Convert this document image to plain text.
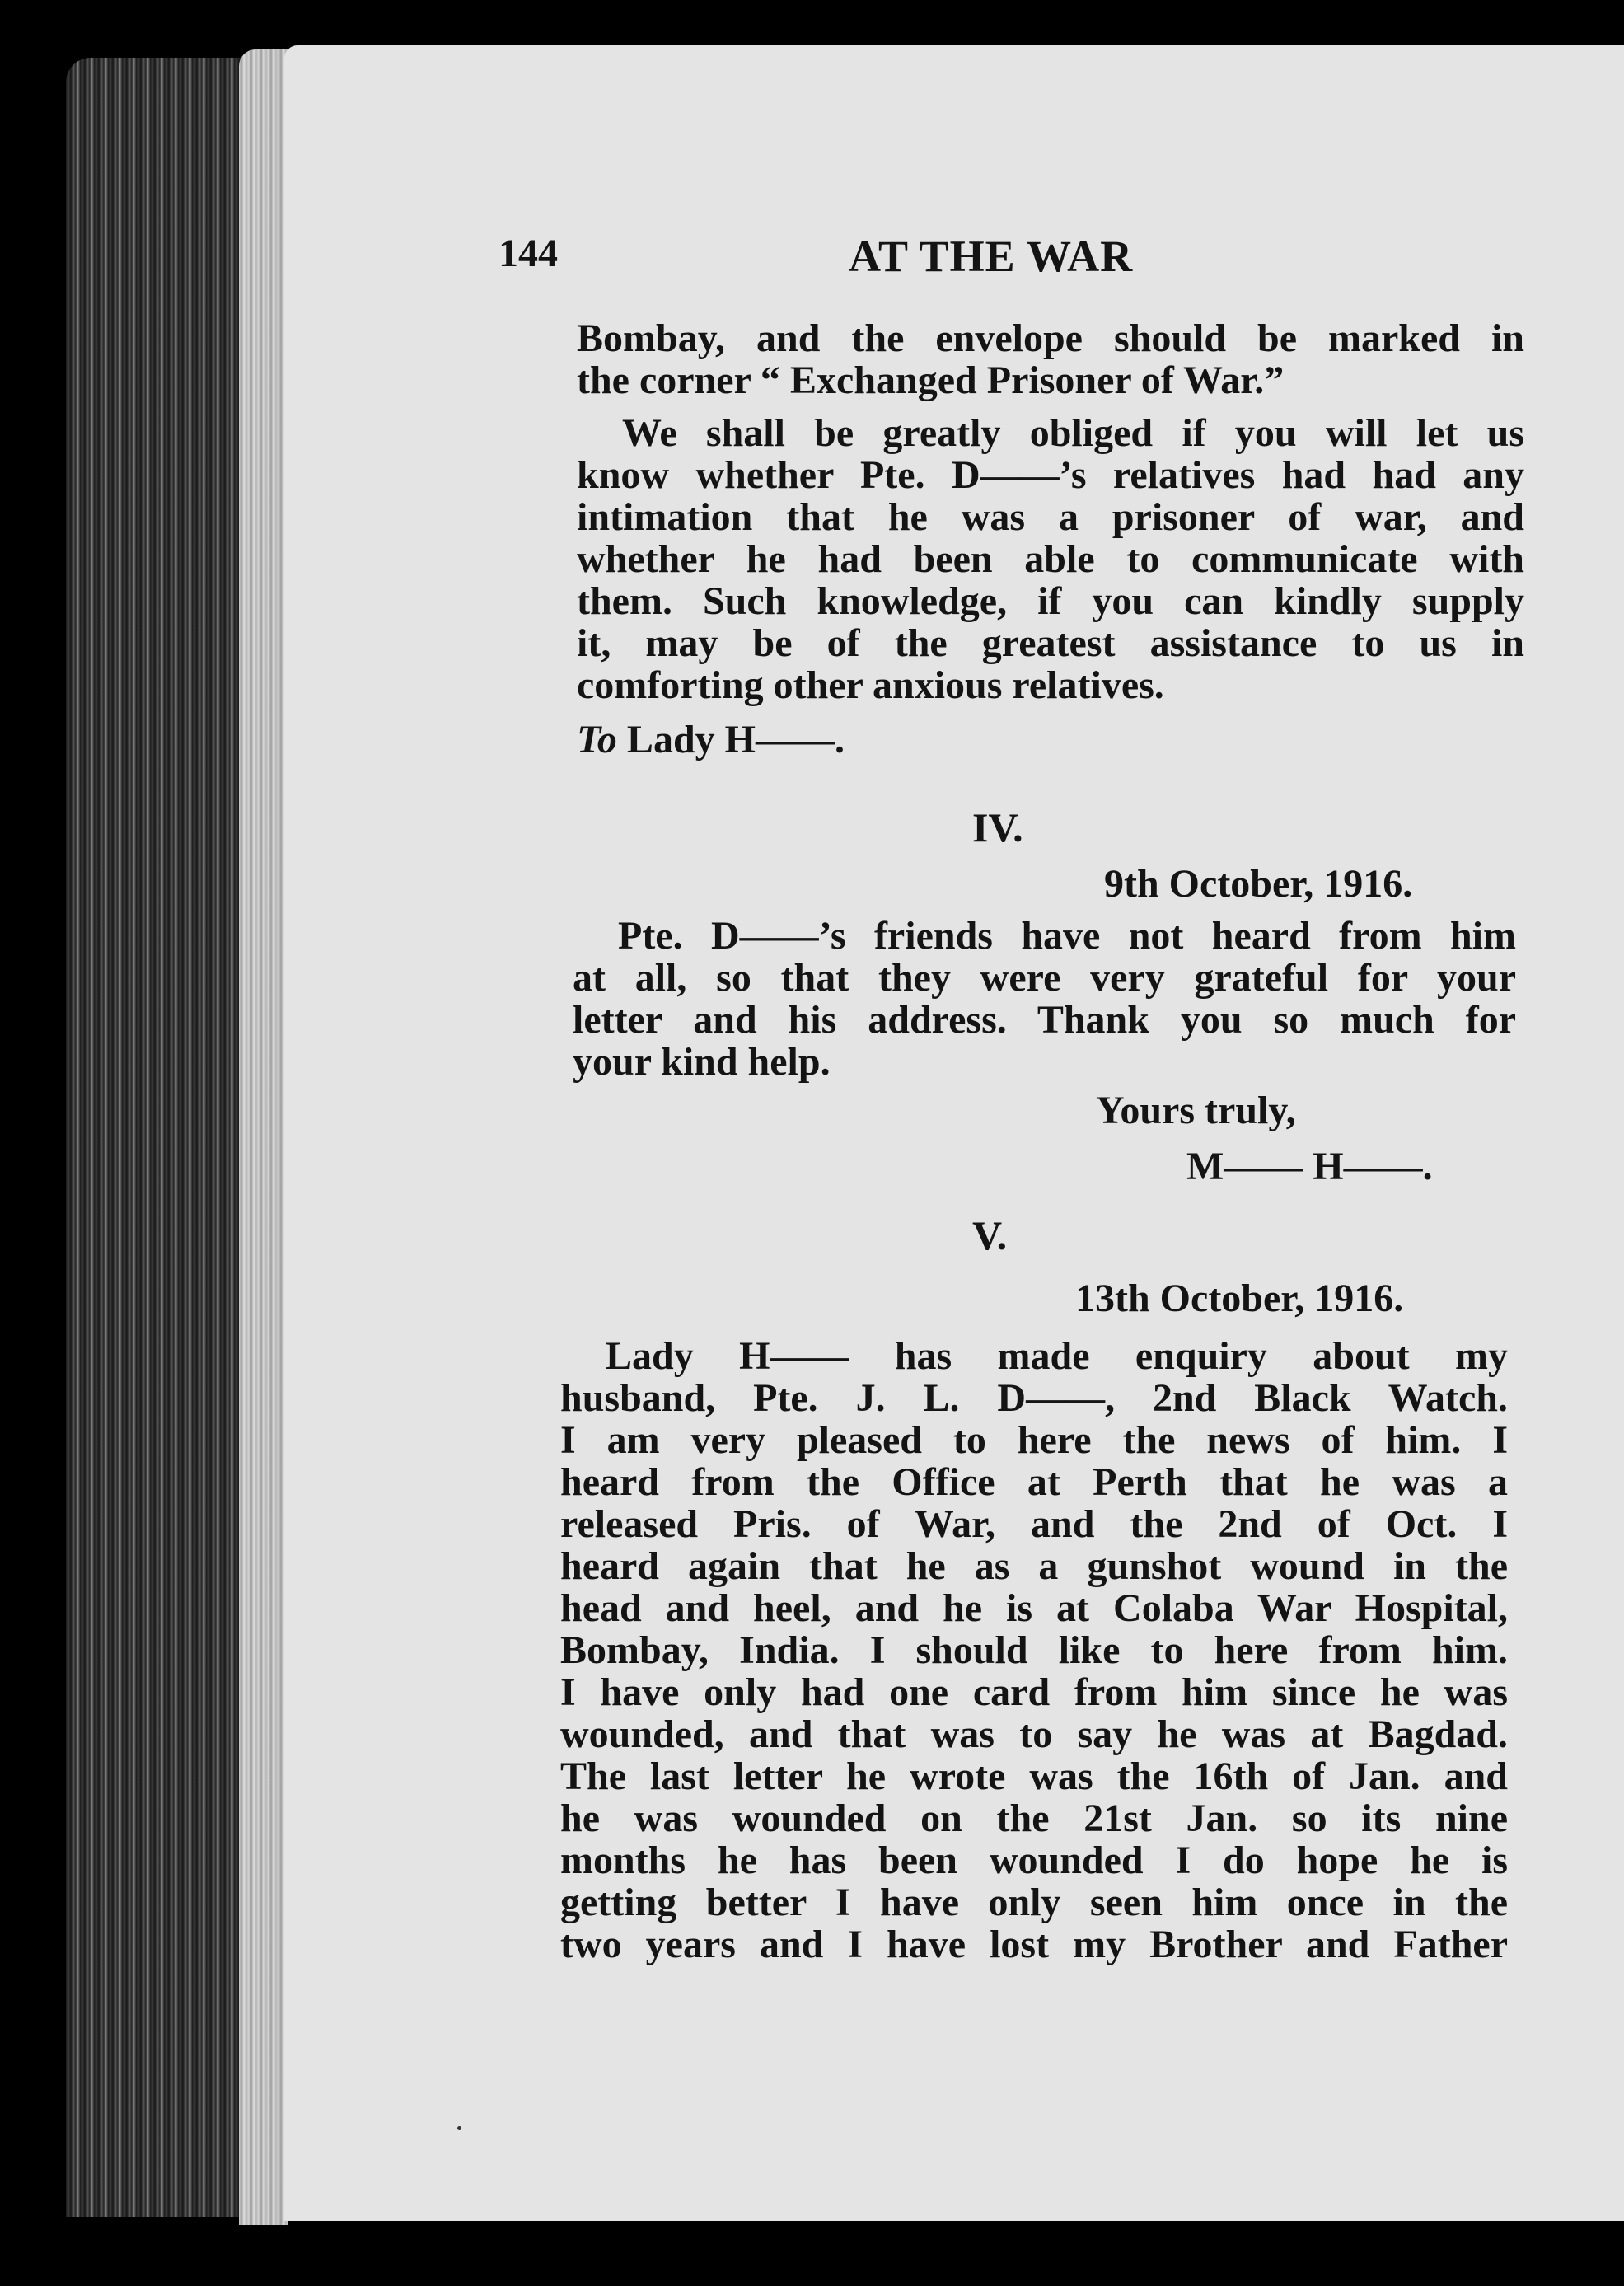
144	AT THE WAR

Bombay, and the envelope should be marked in

the corner “ Exchanged Prisoner of War.”

We shall be greatly obliged if you will let us

know whether Pte. D——’s relatives had had any

intimation that he was a prisoner of war, and

whether he had been able to communicate with

them. Such knowledge, if you can kindly supply

it, may be of the greatest assistance to us in

comforting other anxious relatives.

To Lady H——.
IV.
9th October, 1916.

Pte. D——’s friends have not heard from him

at all, so that they were very grateful for your

letter and his address. Thank you so much for

your kind help.

Yours truly,
M—— H——.
V.
13th October, 1916.

Lady H—— has made enquiry about my

husband, Pte. J. L. D——, 2nd Black Watch.

I am very pleased to here the news of him. I

heard from the Office at Perth that he was a

released Pris. of War, and the 2nd of Oct. I

heard again that he as a gunshot wound in the

head and heel, and he is at Colaba War Hospital,

Bombay, India. I should like to here from him.

I have only had one card from him since he was

wounded, and that was to say he was at Bagdad.

The last letter he wrote was the 16th of Jan. and

he was wounded on the 21st Jan. so its nine

months he has been wounded I do hope he is

getting better I have only seen him once in the

two years and I have lost my Brother and Father
